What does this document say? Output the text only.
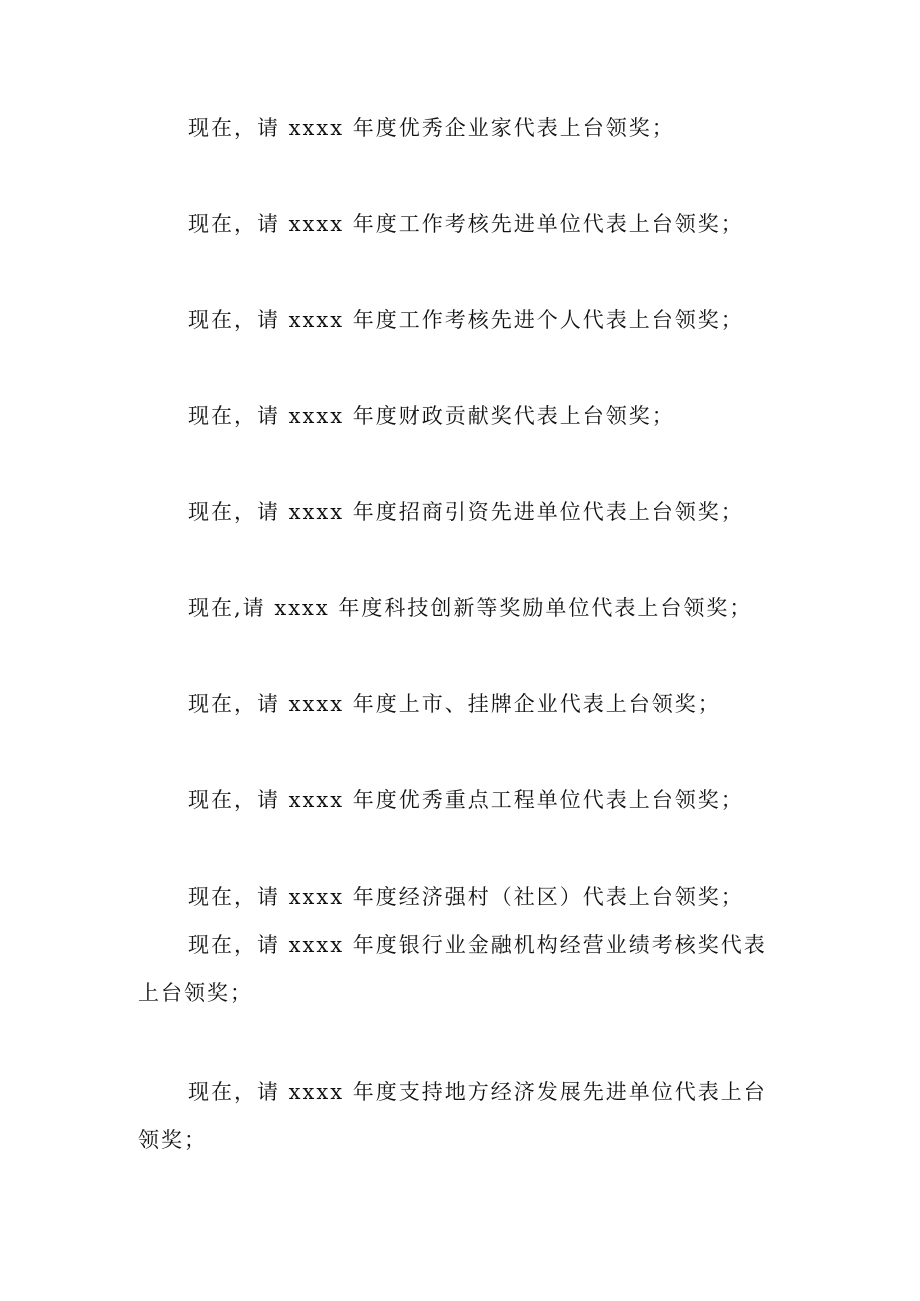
现在，请 xxxx 年度优秀企业家代表上台领奖；

现在，请 xxxx 年度工作考核先进单位代表上台领奖；

现在，请 xxxx 年度工作考核先进个人代表上台领奖；

现在，请 xxxx 年度财政贡献奖代表上台领奖；

现在，请 xxxx 年度招商引资先进单位代表上台领奖；

现在,请 xxxx 年度科技创新等奖励单位代表上台领奖；

现在，请 xxxx 年度上市、挂牌企业代表上台领奖；

现在，请 xxxx 年度优秀重点工程单位代表上台领奖；

现在，请 xxxx 年度经济强村（社区）代表上台领奖；

现在，请 xxxx 年度银行业金融机构经营业绩考核奖代表上台领奖；

现在，请 xxxx 年度支持地方经济发展先进单位代表上台领奖；
